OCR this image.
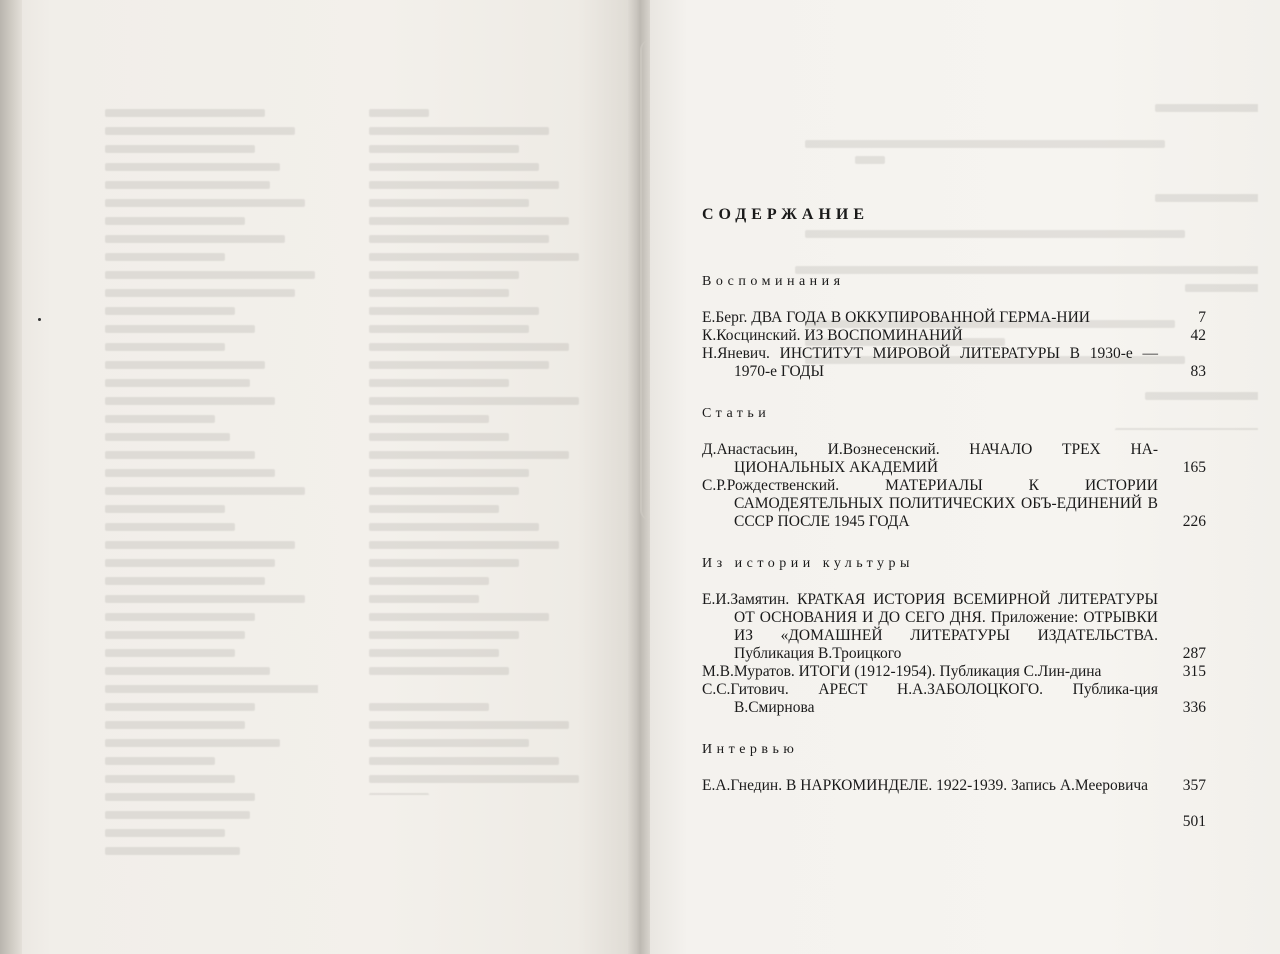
СОДЕРЖАНИЕ
Воспоминания
Е.Берг. ДВА ГОДА В ОККУПИРОВАННОЙ ГЕРМА-НИИ	7
К.Косцинский. ИЗ ВОСПОМИНАНИЙ	42
Н.Яневич. ИНСТИТУТ МИРОВОЙ ЛИТЕРАТУРЫ В 1930-е — 1970-е ГОДЫ	83
Статьи
Д.Анастасьин, И.Вознесенский. НАЧАЛО ТРЕХ НА-ЦИОНАЛЬНЫХ АКАДЕМИЙ	165
С.Р.Рождественский. МАТЕРИАЛЫ К ИСТОРИИ САМОДЕЯТЕЛЬНЫХ ПОЛИТИЧЕСКИХ ОБЪ-ЕДИНЕНИЙ В СССР ПОСЛЕ 1945 ГОДА	226
Из истории культуры
Е.И.Замятин. КРАТКАЯ ИСТОРИЯ ВСЕМИРНОЙ ЛИТЕРАТУРЫ ОТ ОСНОВАНИЯ И ДО СЕГО ДНЯ. Приложение: ОТРЫВКИ ИЗ «ДОМАШНЕЙ ЛИТЕРАТУРЫ ИЗДАТЕЛЬСТВА. Публикация В.Троицкого	287
М.В.Муратов. ИТОГИ (1912-1954). Публикация С.Лин-дина	315
С.С.Гитович. АРЕСТ Н.А.ЗАБОЛОЦКОГО. Публика-ция В.Смирнова	336
Интервью
Е.А.Гнедин. В НАРКОМИНДЕЛЕ. 1922-1939. Запись А.Мееровича	357
501
